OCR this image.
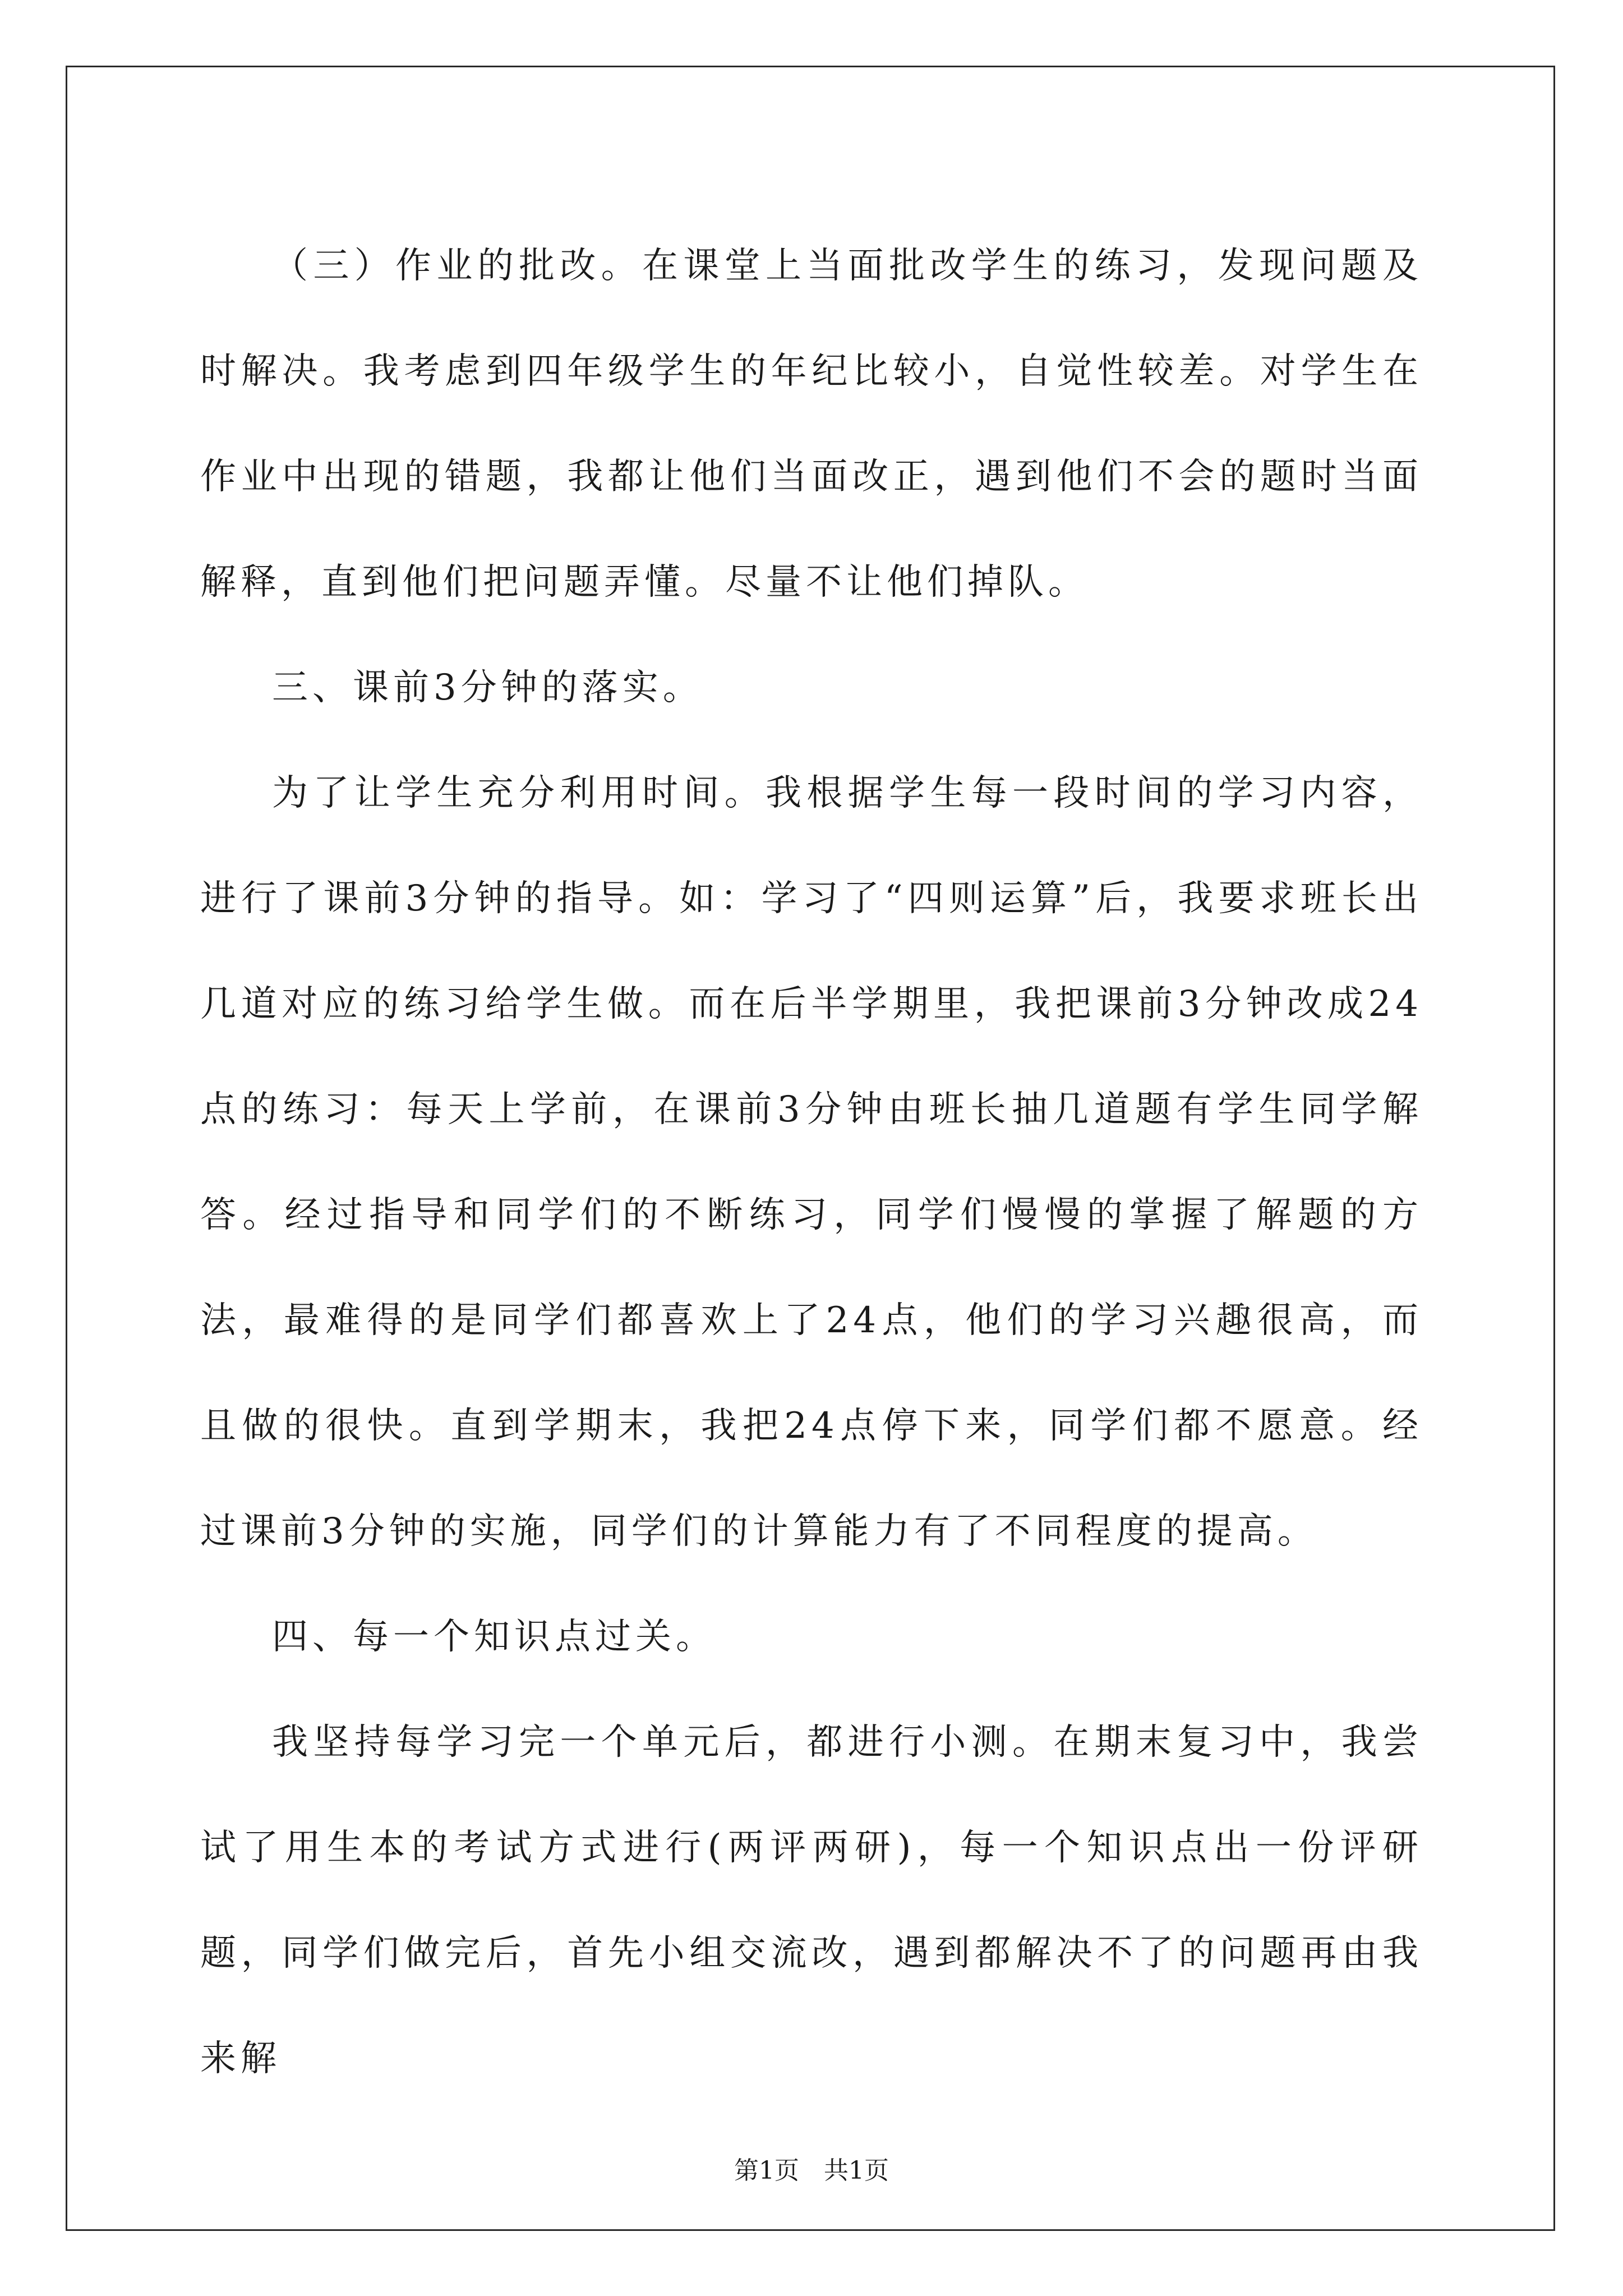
（三）作业的批改。在课堂上当面批改学生的练习，发现问题及时解决。我考虑到四年级学生的年纪比较小，自觉性较差。对学生在作业中出现的错题，我都让他们当面改正，遇到他们不会的题时当面解释，直到他们把问题弄懂。尽量不让他们掉队。

三、课前3分钟的落实。

为了让学生充分利用时间。我根据学生每一段时间的学习内容，进行了课前3分钟的指导。如：学习了“四则运算”后，我要求班长出几道对应的练习给学生做。而在后半学期里，我把课前3分钟改成24点的练习：每天上学前，在课前3分钟由班长抽几道题有学生同学解答。经过指导和同学们的不断练习，同学们慢慢的掌握了解题的方法，最难得的是同学们都喜欢上了24点，他们的学习兴趣很高，而且做的很快。直到学期末，我把24点停下来，同学们都不愿意。经过课前3分钟的实施，同学们的计算能力有了不同程度的提高。

四、每一个知识点过关。

我坚持每学习完一个单元后，都进行小测。在期末复习中，我尝试了用生本的考试方式进行(两评两研)，每一个知识点出一份评研题，同学们做完后，首先小组交流改，遇到都解决不了的问题再由我来解

第1页　共1页
